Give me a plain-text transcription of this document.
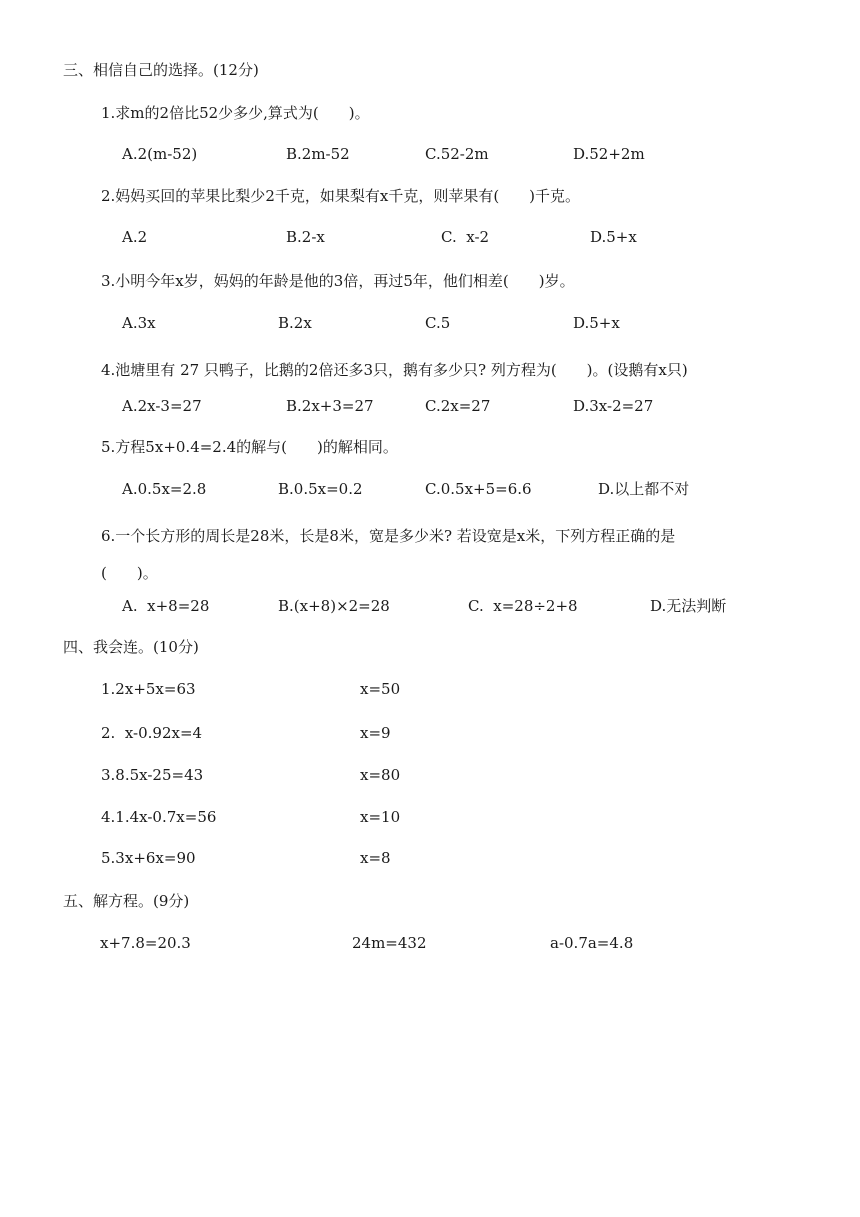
三、相信自己的选择。(12分)
1.求m的2倍比52少多少,算式为(　　)。
A.2(m-52)	B.2m-52	C.52-2m	D.52+2m
2.妈妈买回的苹果比梨少2千克，如果梨有x千克，则苹果有(　　)千克。
A.2	B.2-x	C.  x-2	D.5+x
3.小明今年x岁，妈妈的年龄是他的3倍，再过5年，他们相差(　　)岁。
A.3x	B.2x	C.5	D.5+x
4.池塘里有 27 只鸭子，比鹅的2倍还多3只，鹅有多少只? 列方程为(　　)。(设鹅有x只)
A.2x-3=27	B.2x+3=27	C.2x=27	D.3x-2=27
5.方程5x+0.4=2.4的解与(　　)的解相同。
A.0.5x=2.8	B.0.5x=0.2	C.0.5x+5=6.6	D.以上都不对
6.一个长方形的周长是28米，长是8米，宽是多少米? 若设宽是x米，下列方程正确的是
(　　)。
A.  x+8=28	B.(x+8)×2=28	C.  x=28÷2+8	D.无法判断
四、我会连。(10分)
1.2x+5x=63	x=50
2.  x-0.92x=4	x=9
3.8.5x-25=43	x=80
4.1.4x-0.7x=56	x=10
5.3x+6x=90	x=8
五、解方程。(9分)
x+7.8=20.3	24m=432	a-0.7a=4.8
